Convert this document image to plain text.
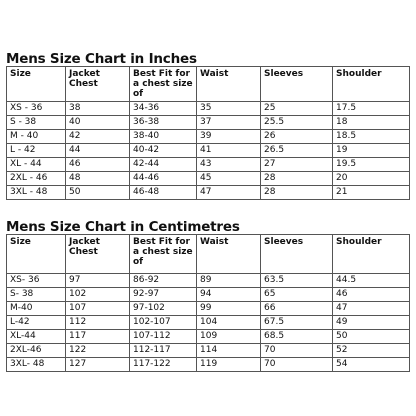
Mens Size Chart in Inches
Size	Jacket Chest	Best Fit for a chest size of	Waist	Sleeves	Shoulder
XS - 36	38	34-36	35	25	17.5
S - 38	40	36-38	37	25.5	18
M - 40	42	38-40	39	26	18.5
L - 42	44	40-42	41	26.5	19
XL - 44	46	42-44	43	27	19.5
2XL - 46	48	44-46	45	28	20
3XL - 48	50	46-48	47	28	21
Mens Size Chart in Centimetres
Size	Jacket Chest	Best Fit for a chest size of	Waist	Sleeves	Shoulder
XS- 36	97	86-92	89	63.5	44.5
S- 38	102	92-97	94	65	46
M-40	107	97-102	99	66	47
L-42	112	102-107	104	67.5	49
XL-44	117	107-112	109	68.5	50
2XL-46	122	112-117	114	70	52
3XL- 48	127	117-122	119	70	54
